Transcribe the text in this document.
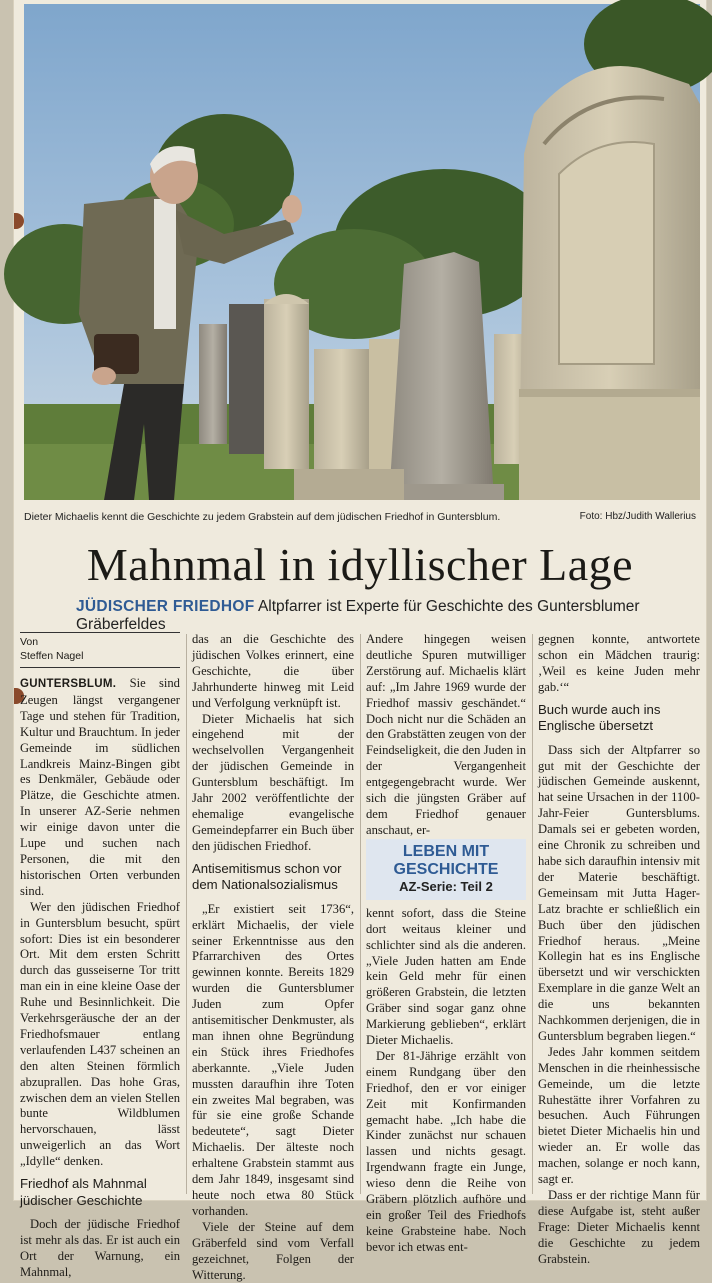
Dieter Michaelis kennt die Geschichte zu jedem Grabstein auf dem jüdischen Friedhof in Guntersblum.	Foto: Hbz/Judith Wallerius
Mahnmal in idyllischer Lage
JÜDISCHER FRIEDHOF Altpfarrer ist Experte für Geschichte des Guntersblumer Gräberfeldes
Von
Steffen Nagel

GUNTERSBLUM. Sie sind Zeugen längst vergangener Tage und stehen für Tradition, Kultur und Brauchtum. In jeder Gemeinde im südlichen Landkreis Mainz-Bingen gibt es Denkmäler, Gebäude oder Plätze, die Geschichte atmen. In unserer AZ-Serie nehmen wir einige davon unter die Lupe und suchen nach Personen, die mit den historischen Orten verbunden sind.

Wer den jüdischen Friedhof in Guntersblum besucht, spürt sofort: Dies ist ein besonderer Ort. Mit dem ersten Schritt durch das gusseiserne Tor tritt man ein in eine kleine Oase der Ruhe und Besinnlichkeit. Die Verkehrsgeräusche der an der Friedhofsmauer entlang verlaufenden L437 scheinen an den alten Steinen förmlich abzuprallen. Das hohe Gras, zwischen dem an vielen Stellen bunte Wildblumen hervorschauen, lässt unweigerlich an das Wort „Idylle“ denken.

Friedhof als Mahnmal jüdischer Geschichte

Doch der jüdische Friedhof ist mehr als das. Er ist auch ein Ort der Warnung, ein Mahnmal,

das an die Geschichte des jüdischen Volkes erinnert, eine Geschichte, die über Jahrhunderte hinweg mit Leid und Verfolgung verknüpft ist.

Dieter Michaelis hat sich eingehend mit der wechselvollen Vergangenheit der jüdischen Gemeinde in Guntersblum beschäftigt. Im Jahr 2002 veröffentlichte der ehemalige evangelische Gemeindepfarrer ein Buch über den jüdischen Friedhof.

Antisemitismus schon vor dem Nationalsozialismus

„Er existiert seit 1736“, erklärt Michaelis, der viele seiner Erkenntnisse aus den Pfarrarchiven des Ortes gewinnen konnte. Bereits 1829 wurden die Guntersblumer Juden zum Opfer antisemitischer Denkmuster, als man ihnen ohne Begründung ein Stück ihres Friedhofes aberkannte. „Viele Juden mussten daraufhin ihre Toten ein zweites Mal begraben, was für sie eine große Schande bedeutete“, sagt Dieter Michaelis. Der älteste noch erhaltene Grabstein stammt aus dem Jahr 1849, insgesamt sind heute noch etwa 80 Stück vorhanden.

Viele der Steine auf dem Gräberfeld sind vom Verfall gezeichnet, Folgen der Witterung.

Andere hingegen weisen deutliche Spuren mutwilliger Zerstörung auf. Michaelis klärt auf: „Im Jahre 1969 wurde der Friedhof massiv geschändet.“ Doch nicht nur die Schäden an den Grabstätten zeugen von der Feindseligkeit, die den Juden in der Vergangenheit entgegengebracht wurde. Wer sich die jüngsten Gräber auf dem Friedhof genauer anschaut, er-

LEBEN MIT GESCHICHTE
AZ-Serie: Teil 2

kennt sofort, dass die Steine dort weitaus kleiner und schlichter sind als die anderen. „Viele Juden hatten am Ende kein Geld mehr für einen größeren Grabstein, die letzten Gräber sind sogar ganz ohne Markierung geblieben“, erklärt Dieter Michaelis.

Der 81-Jährige erzählt von einem Rundgang über den Friedhof, den er vor einiger Zeit mit Konfirmanden gemacht habe. „Ich habe die Kinder zunächst nur schauen lassen und nichts gesagt. Irgendwann fragte ein Junge, wieso denn die Reihe von Gräbern plötzlich aufhöre und ein großer Teil des Friedhofs keine Grabsteine habe. Noch bevor ich etwas ent-

gegnen konnte, antwortete schon ein Mädchen traurig: ‚Weil es keine Juden mehr gab.‘“

Buch wurde auch ins Englische übersetzt

Dass sich der Altpfarrer so gut mit der Geschichte der jüdischen Gemeinde auskennt, hat seine Ursachen in der 1100-Jahr-Feier Guntersblums. Damals sei er gebeten worden, eine Chronik zu schreiben und habe sich daraufhin intensiv mit der Materie beschäftigt. Gemeinsam mit Jutta Hager-Latz brachte er schließlich ein Buch über den jüdischen Friedhof heraus. „Meine Kollegin hat es ins Englische übersetzt und wir verschickten Exemplare in die ganze Welt an die uns bekannten Nachkommen derjenigen, die in Guntersblum begraben liegen.“

Jedes Jahr kommen seitdem Menschen in die rheinhessische Gemeinde, um die letzte Ruhestätte ihrer Vorfahren zu besuchen. Auch Führungen bietet Dieter Michaelis hin und wieder an. Er wolle das machen, solange er noch kann, sagt er.

Dass er der richtige Mann für diese Aufgabe ist, steht außer Frage: Dieter Michaelis kennt die Geschichte zu jedem Grabstein.
